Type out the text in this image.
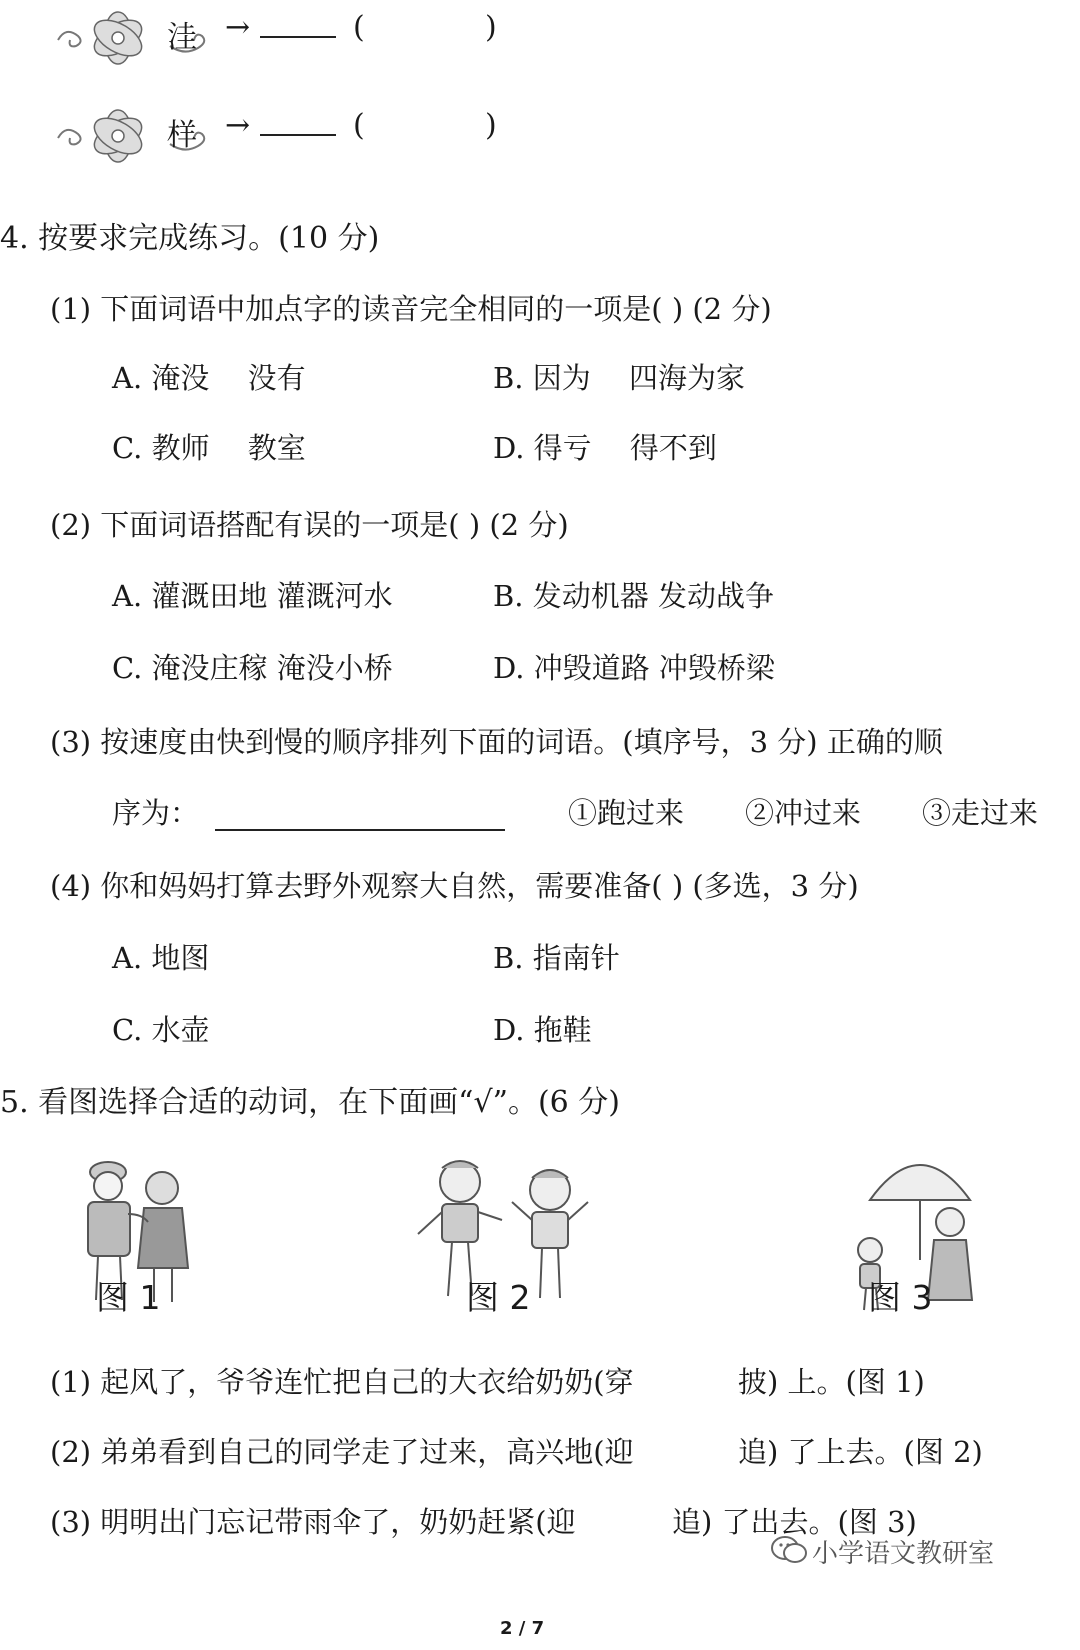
洼 →	(	)
样 →	(	)
4. 按要求完成练习。(10 分)
(1) 下面词语中加点字的读音完全相同的一项是( ) (2 分)
A. 淹没　 没有	B. 因为　 四海为家
C. 教师　 教室	D. 得亏　 得不到
(2) 下面词语搭配有误的一项是( ) (2 分)
A. 灌溉田地 灌溉河水	B. 发动机器 发动战争
C. 淹没庄稼 淹没小桥	D. 冲毁道路 冲毁桥梁
(3) 按速度由快到慢的顺序排列下面的词语。(填序号，3 分) 正确的顺
序为：	①跑过来 ②冲过来 ③走过来
(4) 你和妈妈打算去野外观察大自然，需要准备( ) (多选，3 分)
A. 地图	B. 指南针
C. 水壶	D. 拖鞋
5. 看图选择合适的动词，在下面画“√”。(6 分)
图 1	图 2	图 3
(1) 起风了，爷爷连忙把自己的大衣给奶奶(穿	披) 上。(图 1)
(2) 弟弟看到自己的同学走了过来，高兴地(迎	追) 了上去。(图 2)
(3) 明明出门忘记带雨伞了，奶奶赶紧(迎	追) 了出去。(图 3)
小学语文教研室
2 / 7
